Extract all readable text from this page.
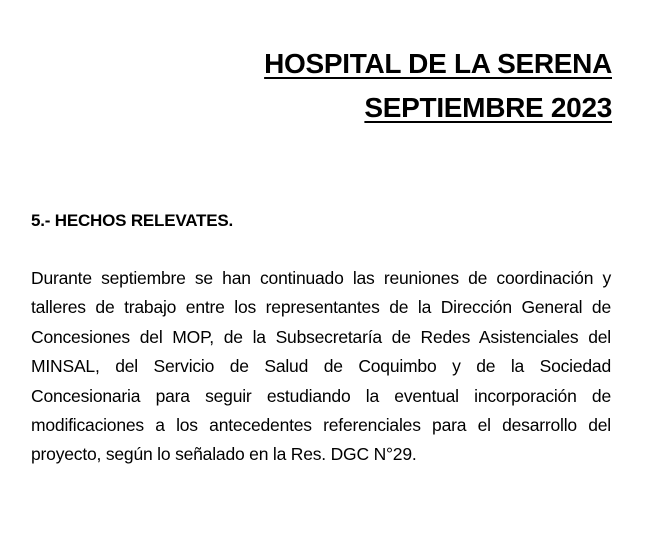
HOSPITAL DE LA SERENA
SEPTIEMBRE 2023
5.- HECHOS RELEVATES.
Durante septiembre se han continuado las reuniones de coordinación y talleres de trabajo entre los representantes de la Dirección General de Concesiones del MOP, de la Subsecretaría de Redes Asistenciales del MINSAL, del Servicio de Salud de Coquimbo y de la Sociedad Concesionaria para seguir estudiando la eventual incorporación de modificaciones a los antecedentes referenciales para el desarrollo del proyecto, según lo señalado en la Res. DGC N°29.
